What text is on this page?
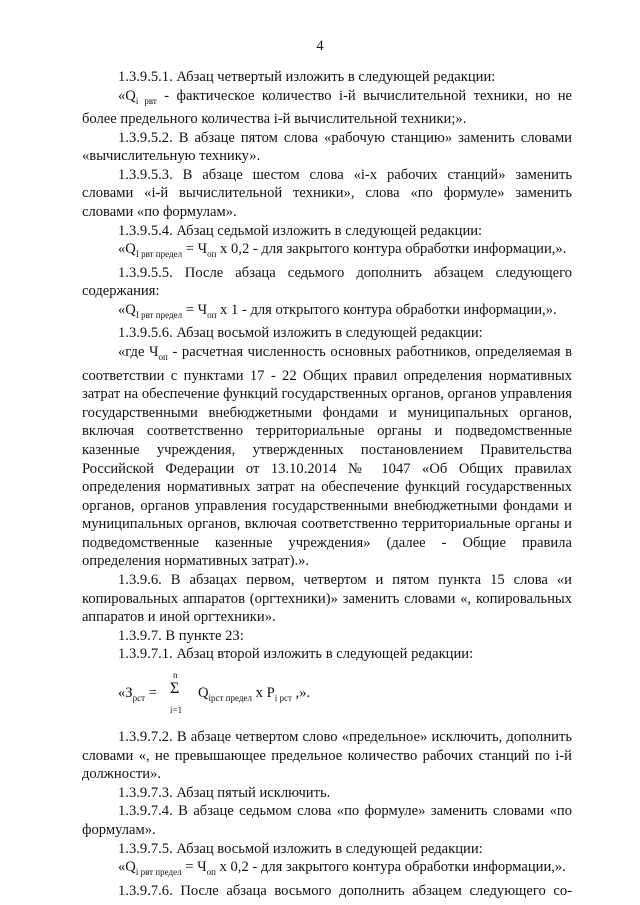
4

1.3.9.5.1. Абзац четвертый изложить в следующей редакции:

«$Q_{i рвт}$ - фактическое количество i-й вычислительной техники, но не более предельного количества i-й вычислительной техники;».

1.3.9.5.2. В абзаце пятом слова «рабочую станцию» заменить словами «вычислительную технику».

1.3.9.5.3. В абзаце шестом слова «i-х рабочих станций» заменить словами «i-й вычислительной техники», слова «по формуле» заменить словами «по формулам».

1.3.9.5.4. Абзац седьмой изложить в следующей редакции:

«$Q_{I рвт предел} = Ч_{оп}$ x 0,2 - для закрытого контура обработки информации,».

1.3.9.5.5. После абзаца седьмого дополнить абзацем следующего содержания:

«$Q_{I рвт предел} = Ч_{оп}$ x 1 - для открытого контура обработки информации,».

1.3.9.5.6. Абзац восьмой изложить в следующей редакции:

«где $Ч_{оп}$ - расчетная численность основных работников, определяемая в соответствии с пунктами 17 - 22 Общих правил определения нормативных затрат на обеспечение функций государственных органов, органов управления государственными внебюджетными фондами и муниципальных органов, включая соответственно территориальные органы и подведомственные казенные учреждения, утвержденных постановлением Правительства Российской Федерации от 13.10.2014 № 1047 «Об Общих правилах определения нормативных затрат на обеспечение функций государственных органов, органов управления государственными внебюджетными фондами и муниципальных органов, включая соответственно территориальные органы и подведомственные казенные учреждения» (далее - Общие правила определения нормативных затрат).».

1.3.9.6. В абзацах первом, четвертом и пятом пункта 15 слова «и копировальных аппаратов (оргтехники)» заменить словами «, копировальных аппаратов и иной оргтехники».

1.3.9.7. В пункте 23:

1.3.9.7.1. Абзац второй изложить в следующей редакции:

«$З_{рст}$ =
n
Σ
i=1
$Q_{iрст предел}$ x $P_{i рст}$ ,».

1.3.9.7.2. В абзаце четвертом слово «предельное» исключить, дополнить словами «, не превышающее предельное количество рабочих станций по i-й должности».

1.3.9.7.3. Абзац пятый исключить.

1.3.9.7.4. В абзаце седьмом слова «по формуле» заменить словами «по формулам».

1.3.9.7.5. Абзац восьмой изложить в следующей редакции:

«$Q_{i рвт предел} = Ч_{оп}$ x 0,2 - для закрытого контура обработки информации,».

1.3.9.7.6. После абзаца восьмого дополнить абзацем следующего со-
